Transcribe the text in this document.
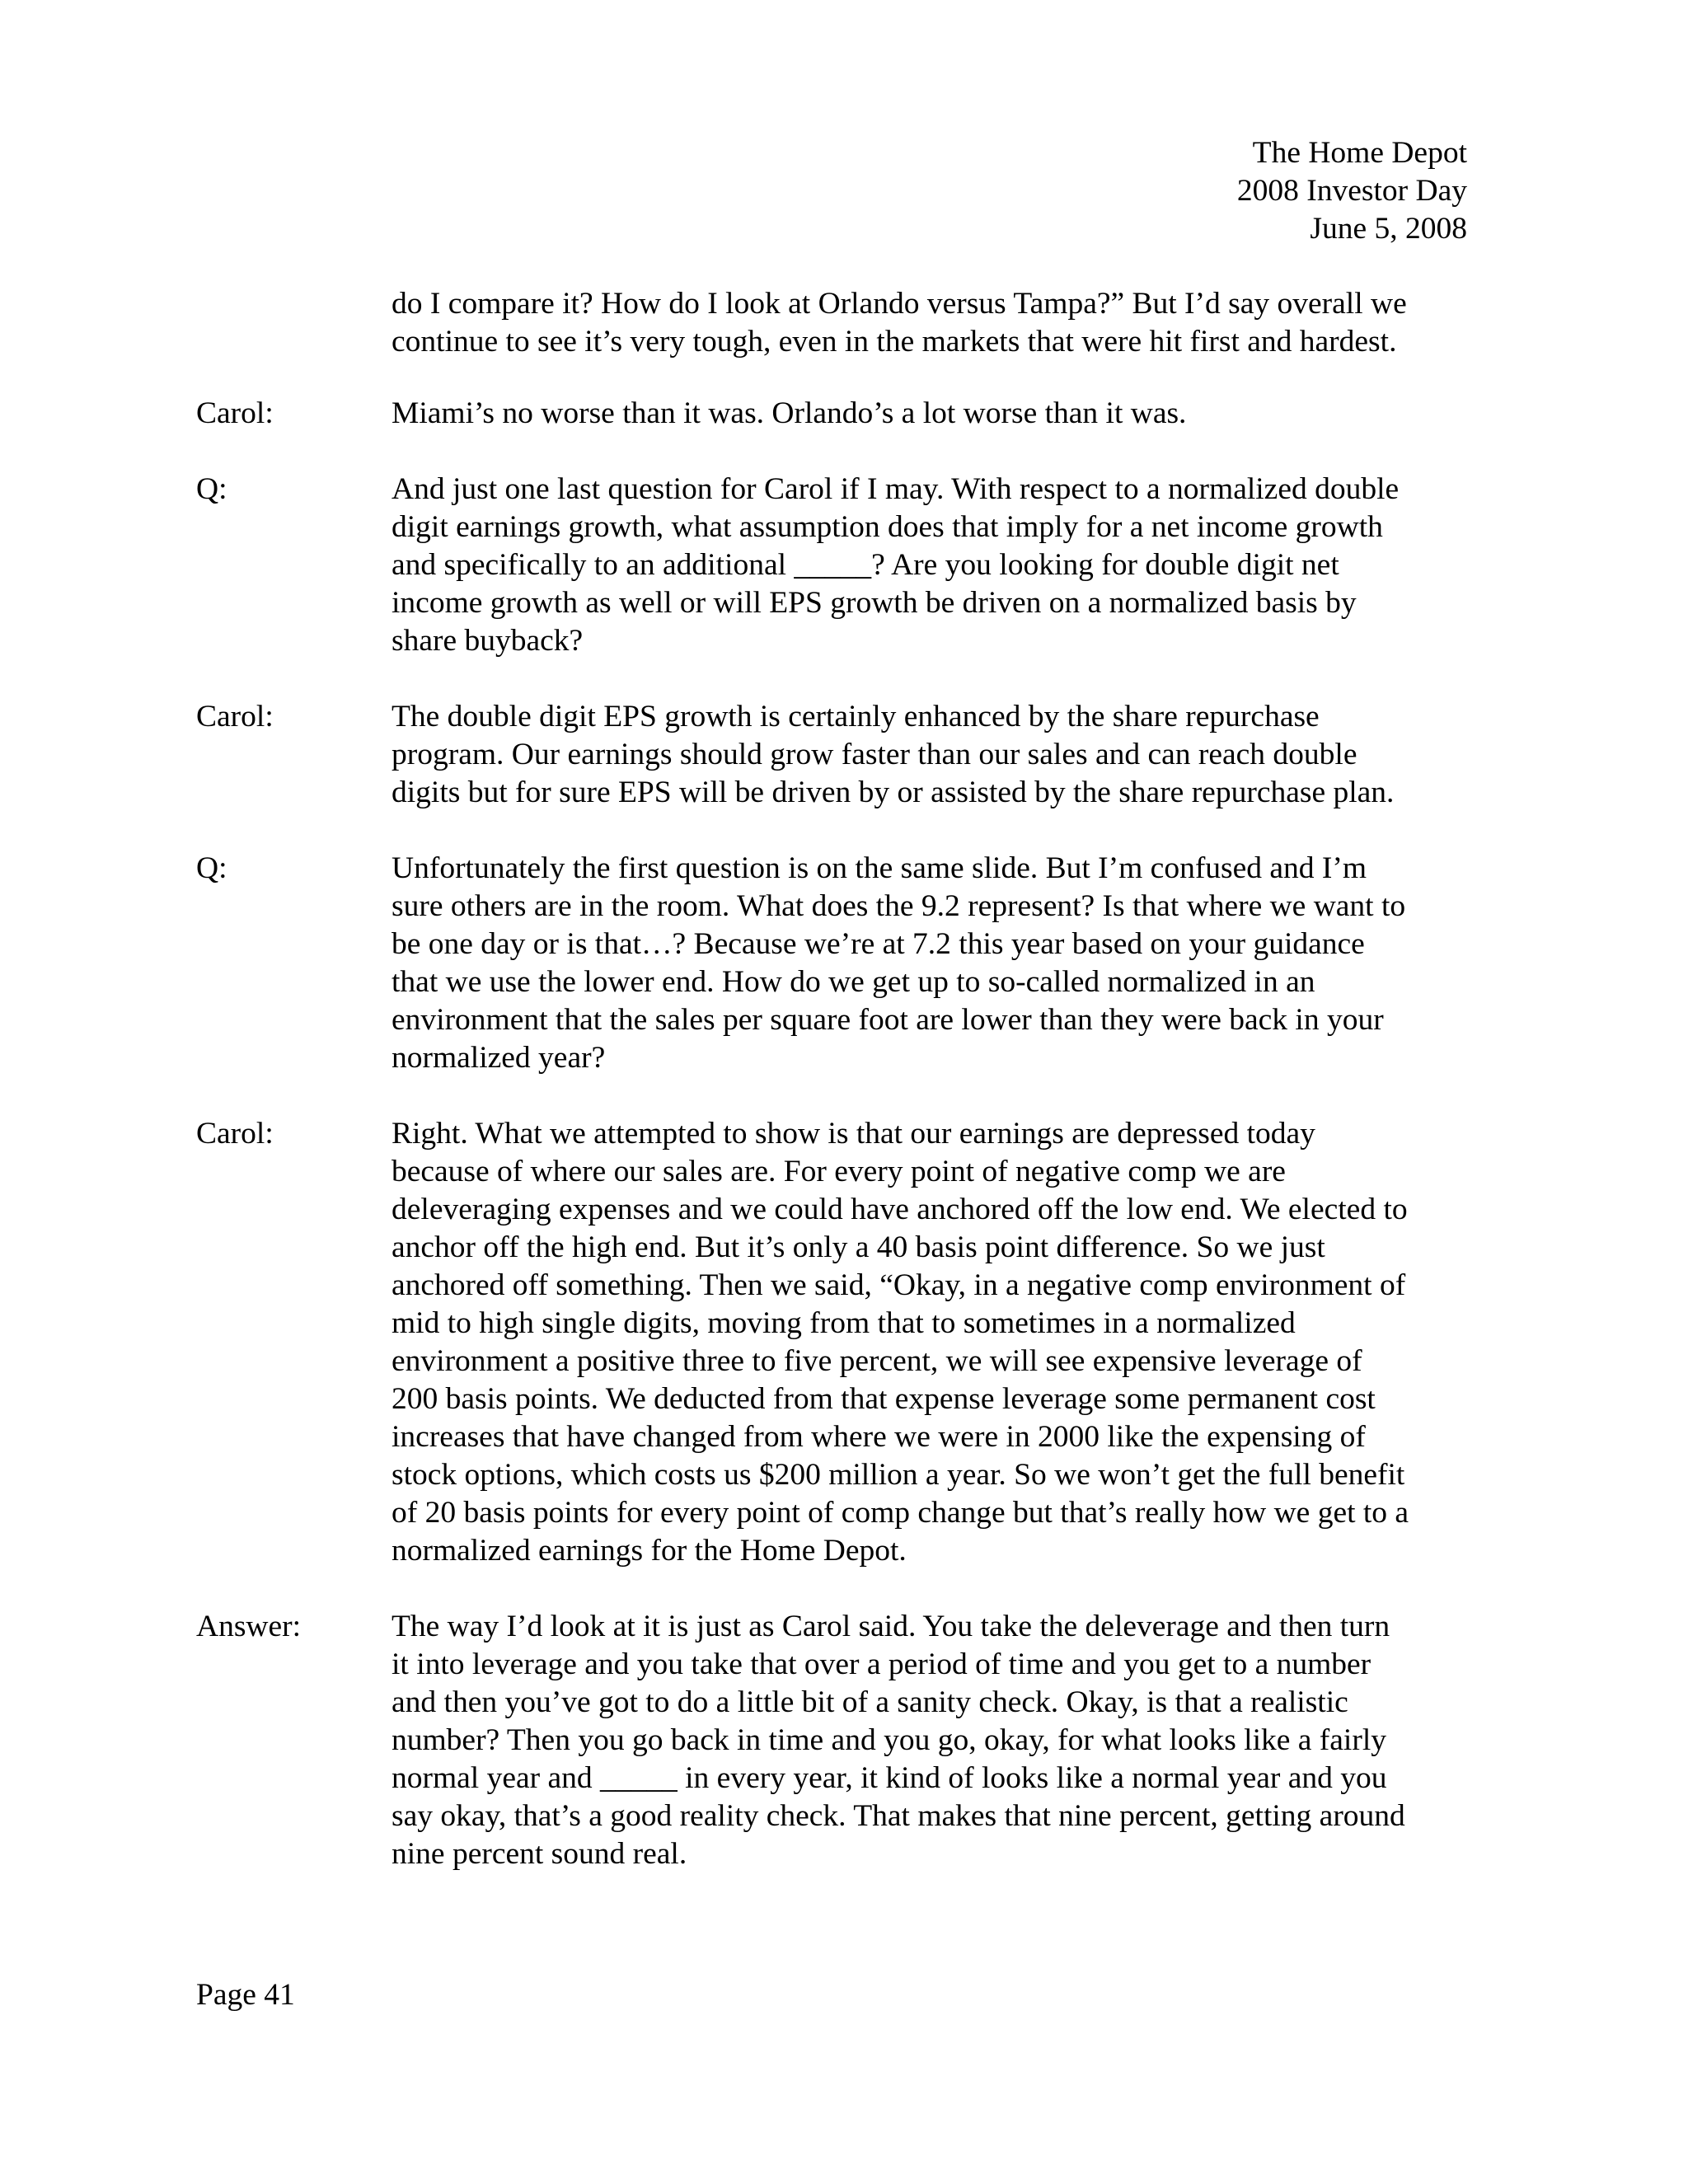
The Home Depot
2008 Investor Day
June 5, 2008
do I compare it? How do I look at Orlando versus Tampa?” But I’d say overall we
continue to see it’s very tough, even in the markets that were hit first and hardest.
Carol:	Miami’s no worse than it was. Orlando’s a lot worse than it was.
Q:	And just one last question for Carol if I may. With respect to a normalized double
digit earnings growth, what assumption does that imply for a net income growth
and specifically to an additional _____? Are you looking for double digit net
income growth as well or will EPS growth be driven on a normalized basis by
share buyback?
Carol:	The double digit EPS growth is certainly enhanced by the share repurchase
program. Our earnings should grow faster than our sales and can reach double
digits but for sure EPS will be driven by or assisted by the share repurchase plan.
Q:	Unfortunately the first question is on the same slide. But I’m confused and I’m
sure others are in the room. What does the 9.2 represent? Is that where we want to
be one day or is that…? Because we’re at 7.2 this year based on your guidance
that we use the lower end. How do we get up to so-called normalized in an
environment that the sales per square foot are lower than they were back in your
normalized year?
Carol:	Right. What we attempted to show is that our earnings are depressed today
because of where our sales are. For every point of negative comp we are
deleveraging expenses and we could have anchored off the low end. We elected to
anchor off the high end. But it’s only a 40 basis point difference. So we just
anchored off something. Then we said, “Okay, in a negative comp environment of
mid to high single digits, moving from that to sometimes in a normalized
environment a positive three to five percent, we will see expensive leverage of
200 basis points. We deducted from that expense leverage some permanent cost
increases that have changed from where we were in 2000 like the expensing of
stock options, which costs us $200 million a year. So we won’t get the full benefit
of 20 basis points for every point of comp change but that’s really how we get to a
normalized earnings for the Home Depot.
Answer:	The way I’d look at it is just as Carol said. You take the deleverage and then turn
it into leverage and you take that over a period of time and you get to a number
and then you’ve got to do a little bit of a sanity check. Okay, is that a realistic
number? Then you go back in time and you go, okay, for what looks like a fairly
normal year and _____ in every year, it kind of looks like a normal year and you
say okay, that’s a good reality check. That makes that nine percent, getting around
nine percent sound real.
Page 41
